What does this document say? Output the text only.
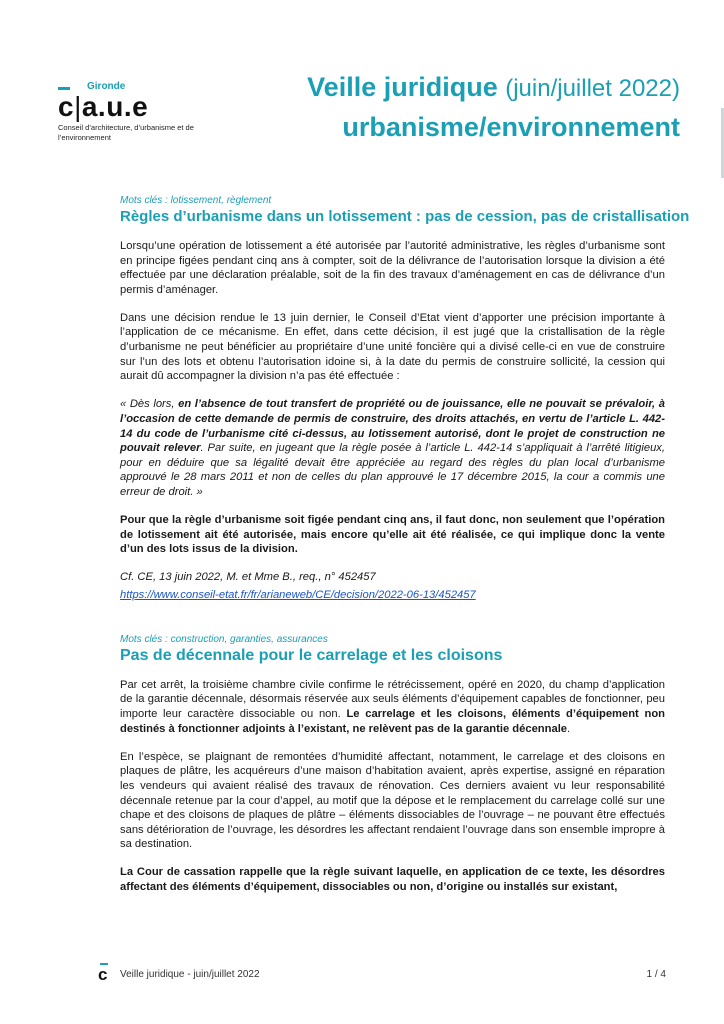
Gironde
c|a.u.e
Conseil d’architecture, d’urbanisme et de l’environnement
Veille juridique (juin/juillet 2022)
urbanisme/environnement

Mots clés : lotissement, règlement

Règles d’urbanisme dans un lotissement : pas de cession, pas de cristallisation

Lorsqu’une opération de lotissement a été autorisée par l’autorité administrative, les règles d’urbanisme sont en principe figées pendant cinq ans à compter, soit de la délivrance de l’autorisation lorsque la division a été effectuée par une déclaration préalable, soit de la fin des travaux d’aménagement en cas de délivrance d’un permis d’aménager.

Dans une décision rendue le 13 juin dernier, le Conseil d’Etat vient d’apporter une précision importante à l’application de ce mécanisme. En effet, dans cette décision, il est jugé que la cristallisation de la règle d’urbanisme ne peut bénéficier au propriétaire d’une unité foncière qui a divisé celle-ci en vue de construire sur l’un des lots et obtenu l’autorisation idoine si, à la date du permis de construire sollicité, la cession qui aurait dû accompagner la division n’a pas été effectuée :

« Dès lors, en l’absence de tout transfert de propriété ou de jouissance, elle ne pouvait se prévaloir, à l’occasion de cette demande de permis de construire, des droits attachés, en vertu de l’article L. 442-14 du code de l’urbanisme cité ci-dessus, au lotissement autorisé, dont le projet de construction ne pouvait relever. Par suite, en jugeant que la règle posée à l’article L. 442-14 s’appliquait à l’arrêté litigieux, pour en déduire que sa légalité devait être appréciée au regard des règles du plan local d’urbanisme approuvé le 28 mars 2011 et non de celles du plan approuvé le 17 décembre 2015, la cour a commis une erreur de droit. »

Pour que la règle d’urbanisme soit figée pendant cinq ans, il faut donc, non seulement que l’opération de lotissement ait été autorisée, mais encore qu’elle ait été réalisée, ce qui implique donc la vente d’un des lots issus de la division.

Cf. CE, 13 juin 2022, M. et Mme B., req., n° 452457

https://www.conseil-etat.fr/fr/arianeweb/CE/decision/2022-06-13/452457

Mots clés : construction, garanties, assurances

Pas de décennale pour le carrelage et les cloisons

Par cet arrêt, la troisième chambre civile confirme le rétrécissement, opéré en 2020, du champ d’application de la garantie décennale, désormais réservée aux seuls éléments d’équipement capables de fonctionner, peu importe leur caractère dissociable ou non. Le carrelage et les cloisons, éléments d’équipement non destinés à fonctionner adjoints à l’existant, ne relèvent pas de la garantie décennale.

En l’espèce, se plaignant de remontées d’humidité affectant, notamment, le carrelage et des cloisons en plaques de plâtre, les acquéreurs d’une maison d’habitation avaient, après expertise, assigné en réparation les vendeurs qui avaient réalisé des travaux de rénovation. Ces derniers avaient vu leur responsabilité décennale retenue par la cour d’appel, au motif que la dépose et le remplacement du carrelage collé sur une chape et des cloisons de plaques de plâtre – éléments dissociables de l’ouvrage – ne pouvant être effectués sans détérioration de l’ouvrage, les désordres les affectant rendaient l’ouvrage dans son ensemble impropre à sa destination.

La Cour de cassation rappelle que la règle suivant laquelle, en application de ce texte, les désordres affectant des éléments d’équipement, dissociables ou non, d’origine ou installés sur existant,

c Veille juridique - juin/juillet 2022	1 / 4
